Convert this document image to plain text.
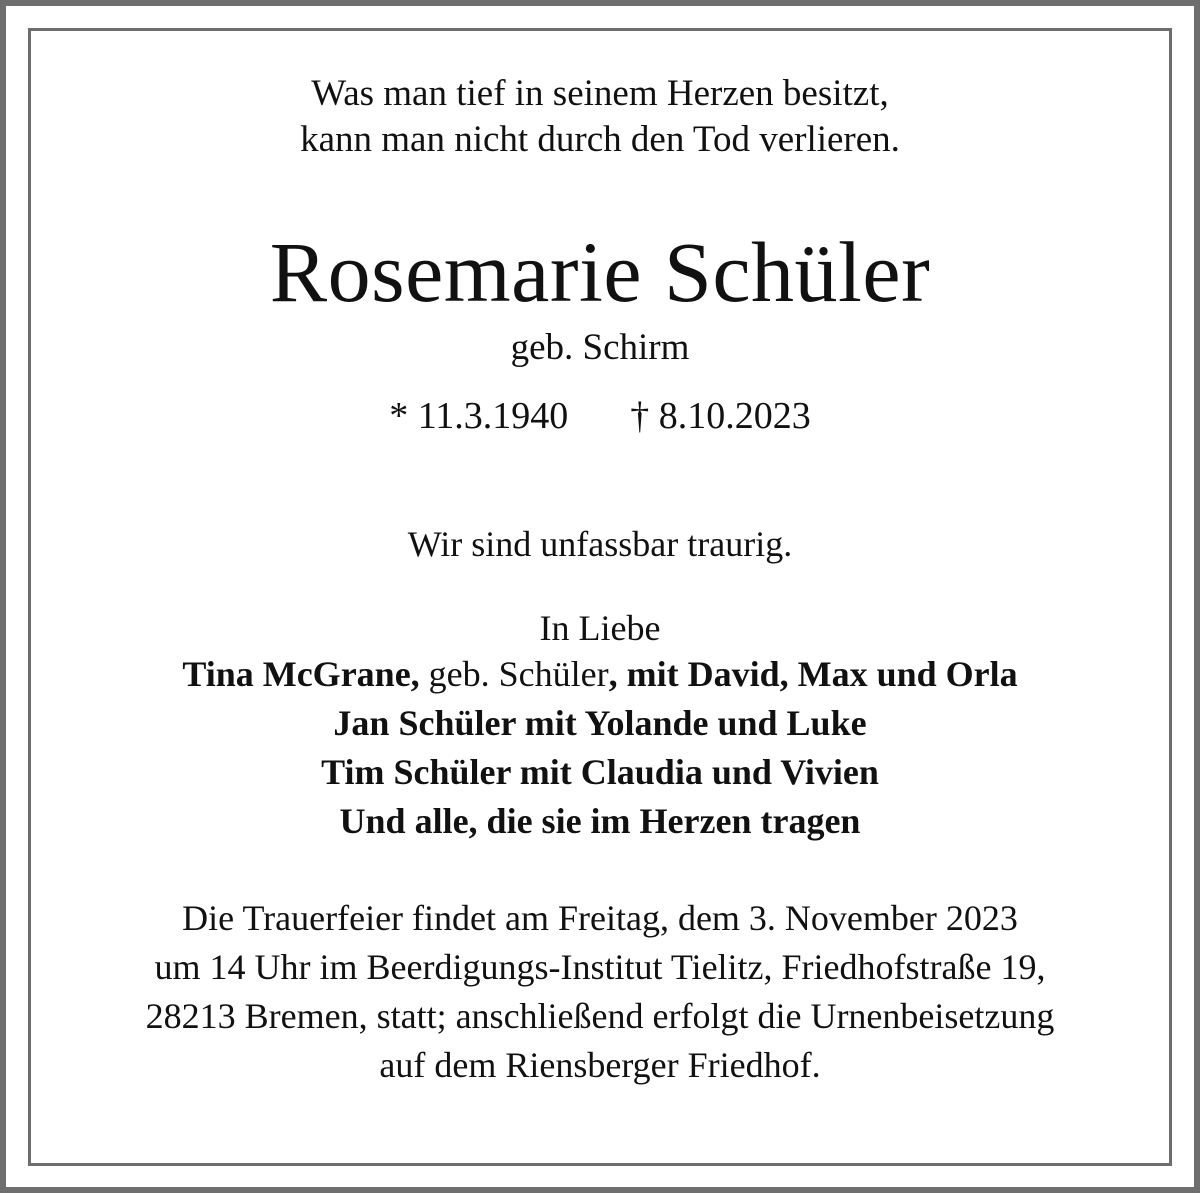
Was man tief in seinem Herzen besitzt,
kann man nicht durch den Tod verlieren.
Rosemarie Schüler
geb. Schirm
* 11.3.1940 † 8.10.2023
Wir sind unfassbar traurig.
In Liebe
Tina McGrane, geb. Schüler, mit David, Max und Orla
Jan Schüler mit Yolande und Luke
Tim Schüler mit Claudia und Vivien
Und alle, die sie im Herzen tragen
Die Trauerfeier findet am Freitag, dem 3. November 2023
um 14 Uhr im Beerdigungs-Institut Tielitz, Friedhofstraße 19,
28213 Bremen, statt; anschließend erfolgt die Urnenbeisetzung
auf dem Riensberger Friedhof.
